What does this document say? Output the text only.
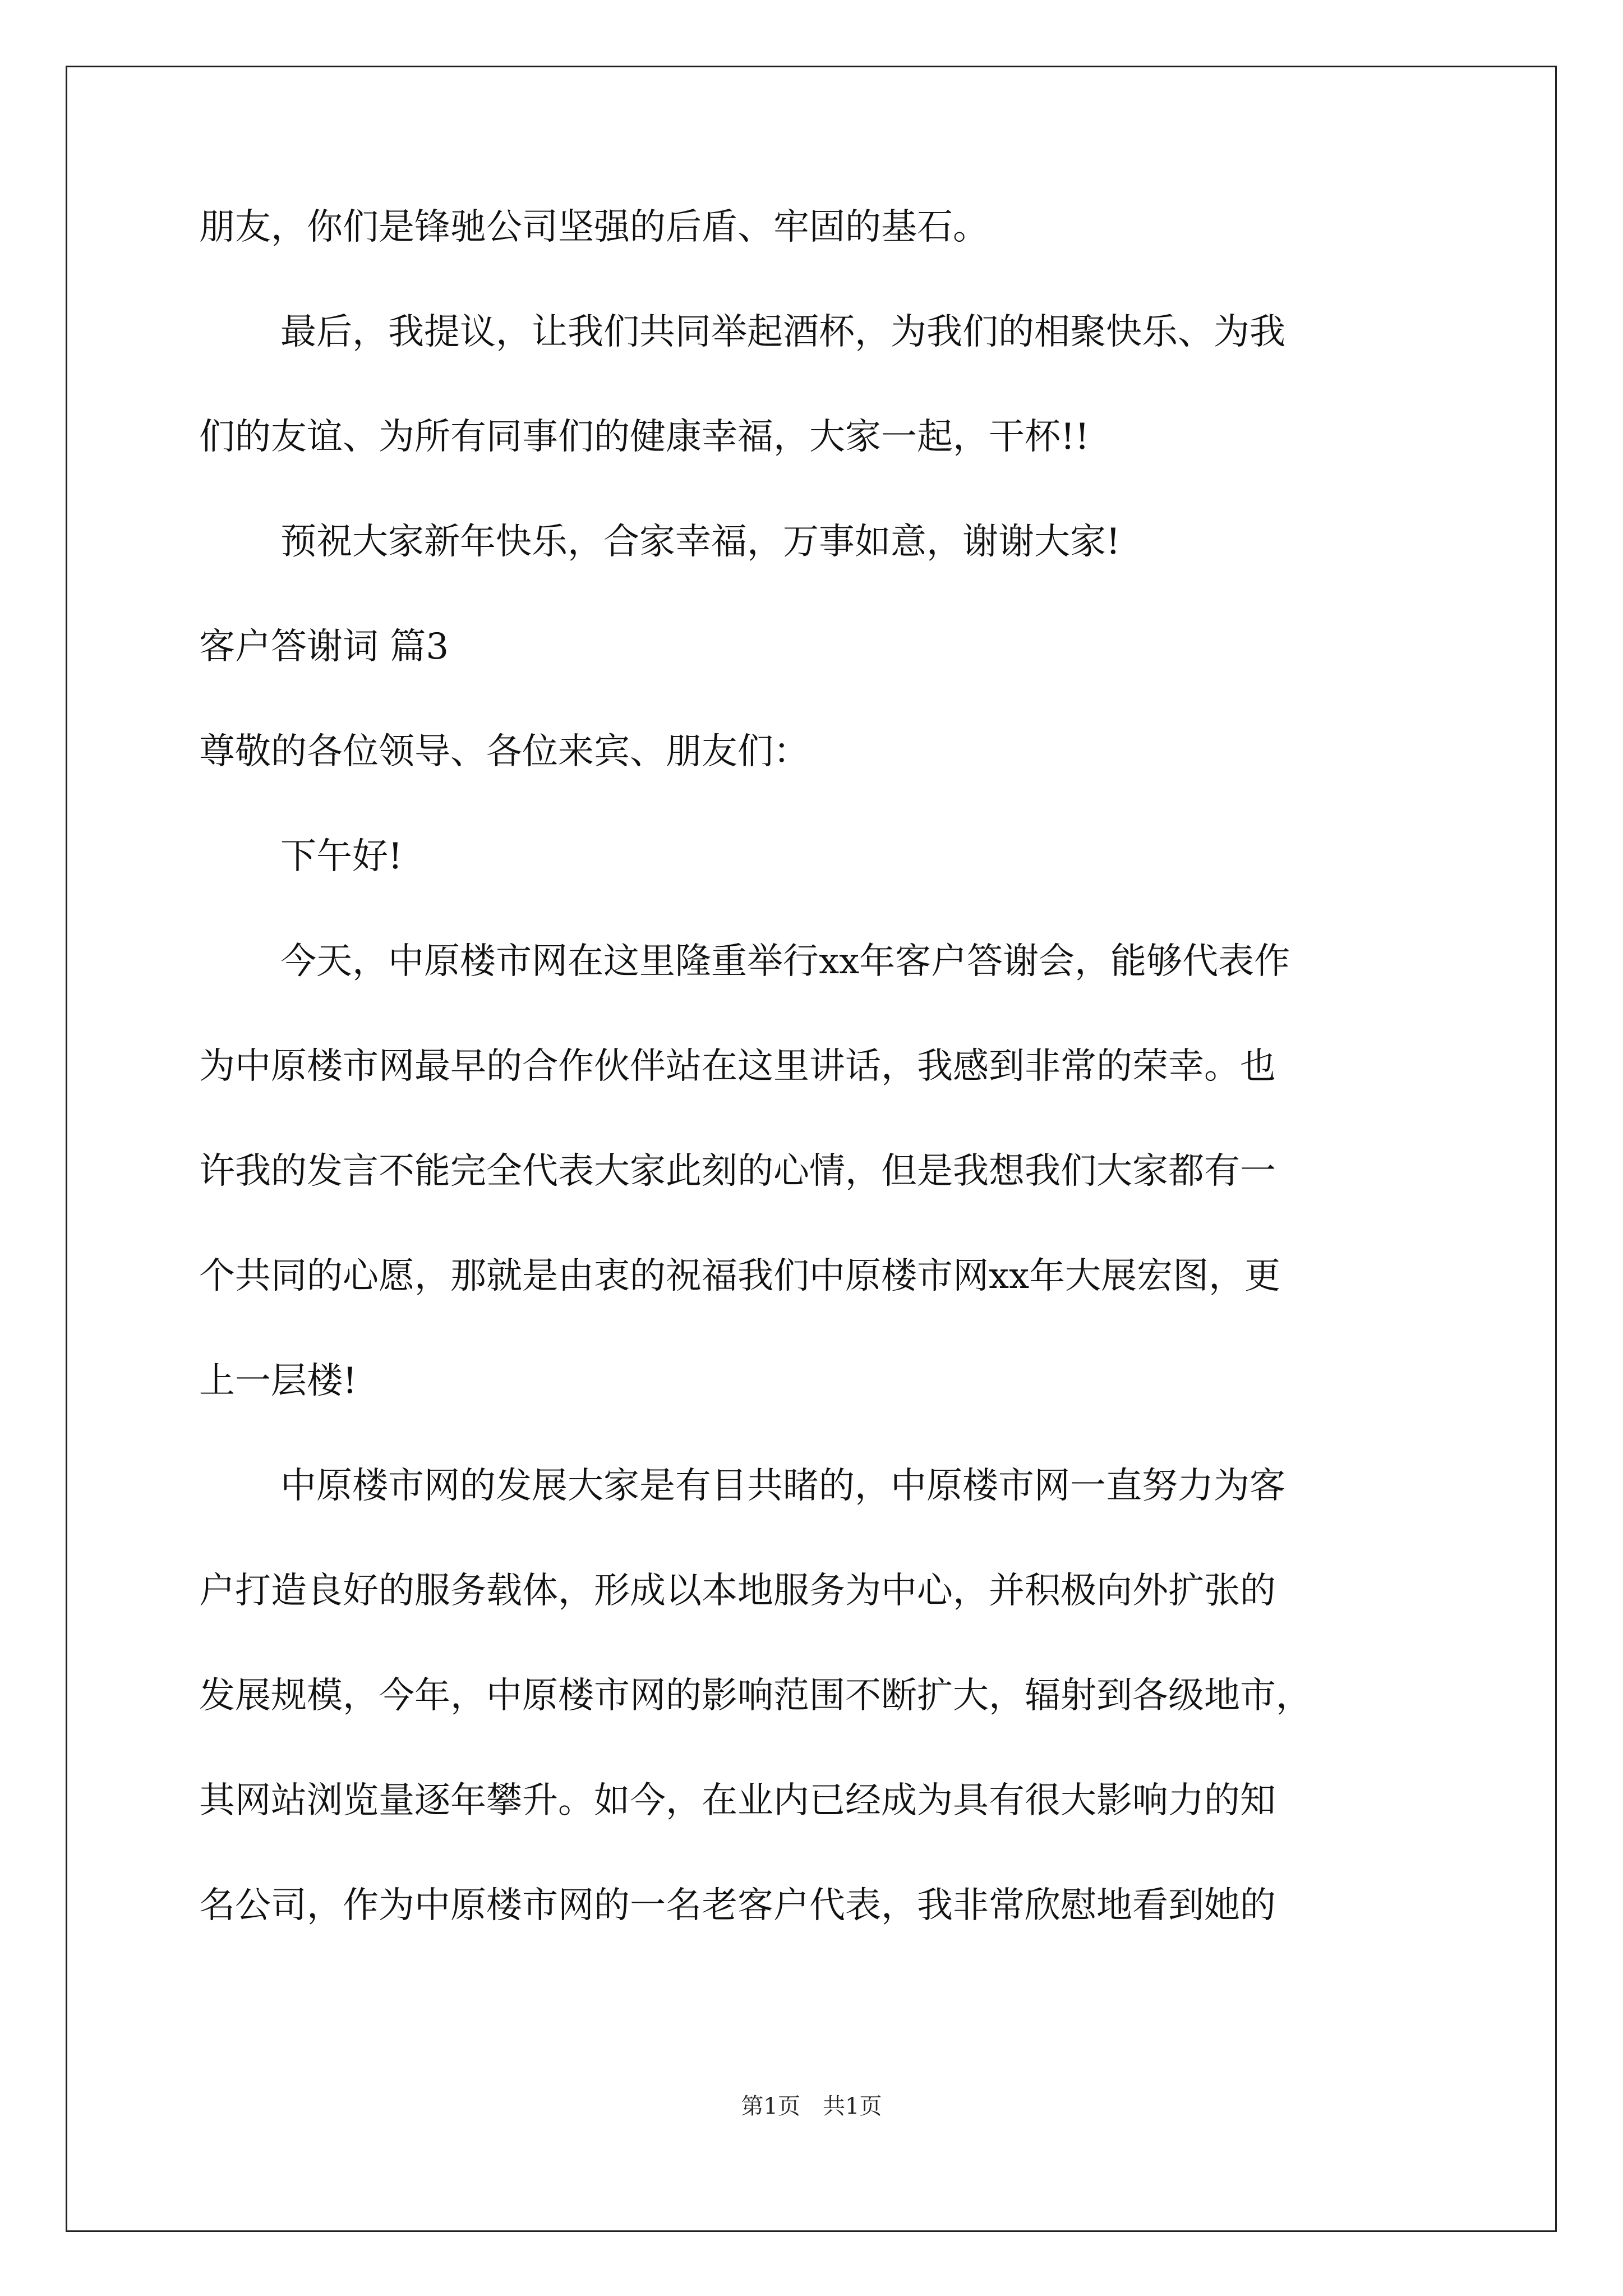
朋友，你们是锋驰公司坚强的后盾、牢固的基石。
最后，我提议，让我们共同举起酒杯，为我们的相聚快乐、为我
们的友谊、为所有同事们的健康幸福，大家一起，干杯!!
预祝大家新年快乐，合家幸福，万事如意，谢谢大家!
客户答谢词 篇3
尊敬的各位领导、各位来宾、朋友们：
下午好!
今天，中原楼市网在这里隆重举行xx年客户答谢会，能够代表作
为中原楼市网最早的合作伙伴站在这里讲话，我感到非常的荣幸。也
许我的发言不能完全代表大家此刻的心情，但是我想我们大家都有一
个共同的心愿，那就是由衷的祝福我们中原楼市网xx年大展宏图，更
上一层楼!
中原楼市网的发展大家是有目共睹的，中原楼市网一直努力为客
户打造良好的服务载体，形成以本地服务为中心，并积极向外扩张的
发展规模，今年，中原楼市网的影响范围不断扩大，辐射到各级地市，
其网站浏览量逐年攀升。如今，在业内已经成为具有很大影响力的知
名公司，作为中原楼市网的一名老客户代表，我非常欣慰地看到她的
第1页　共1页
